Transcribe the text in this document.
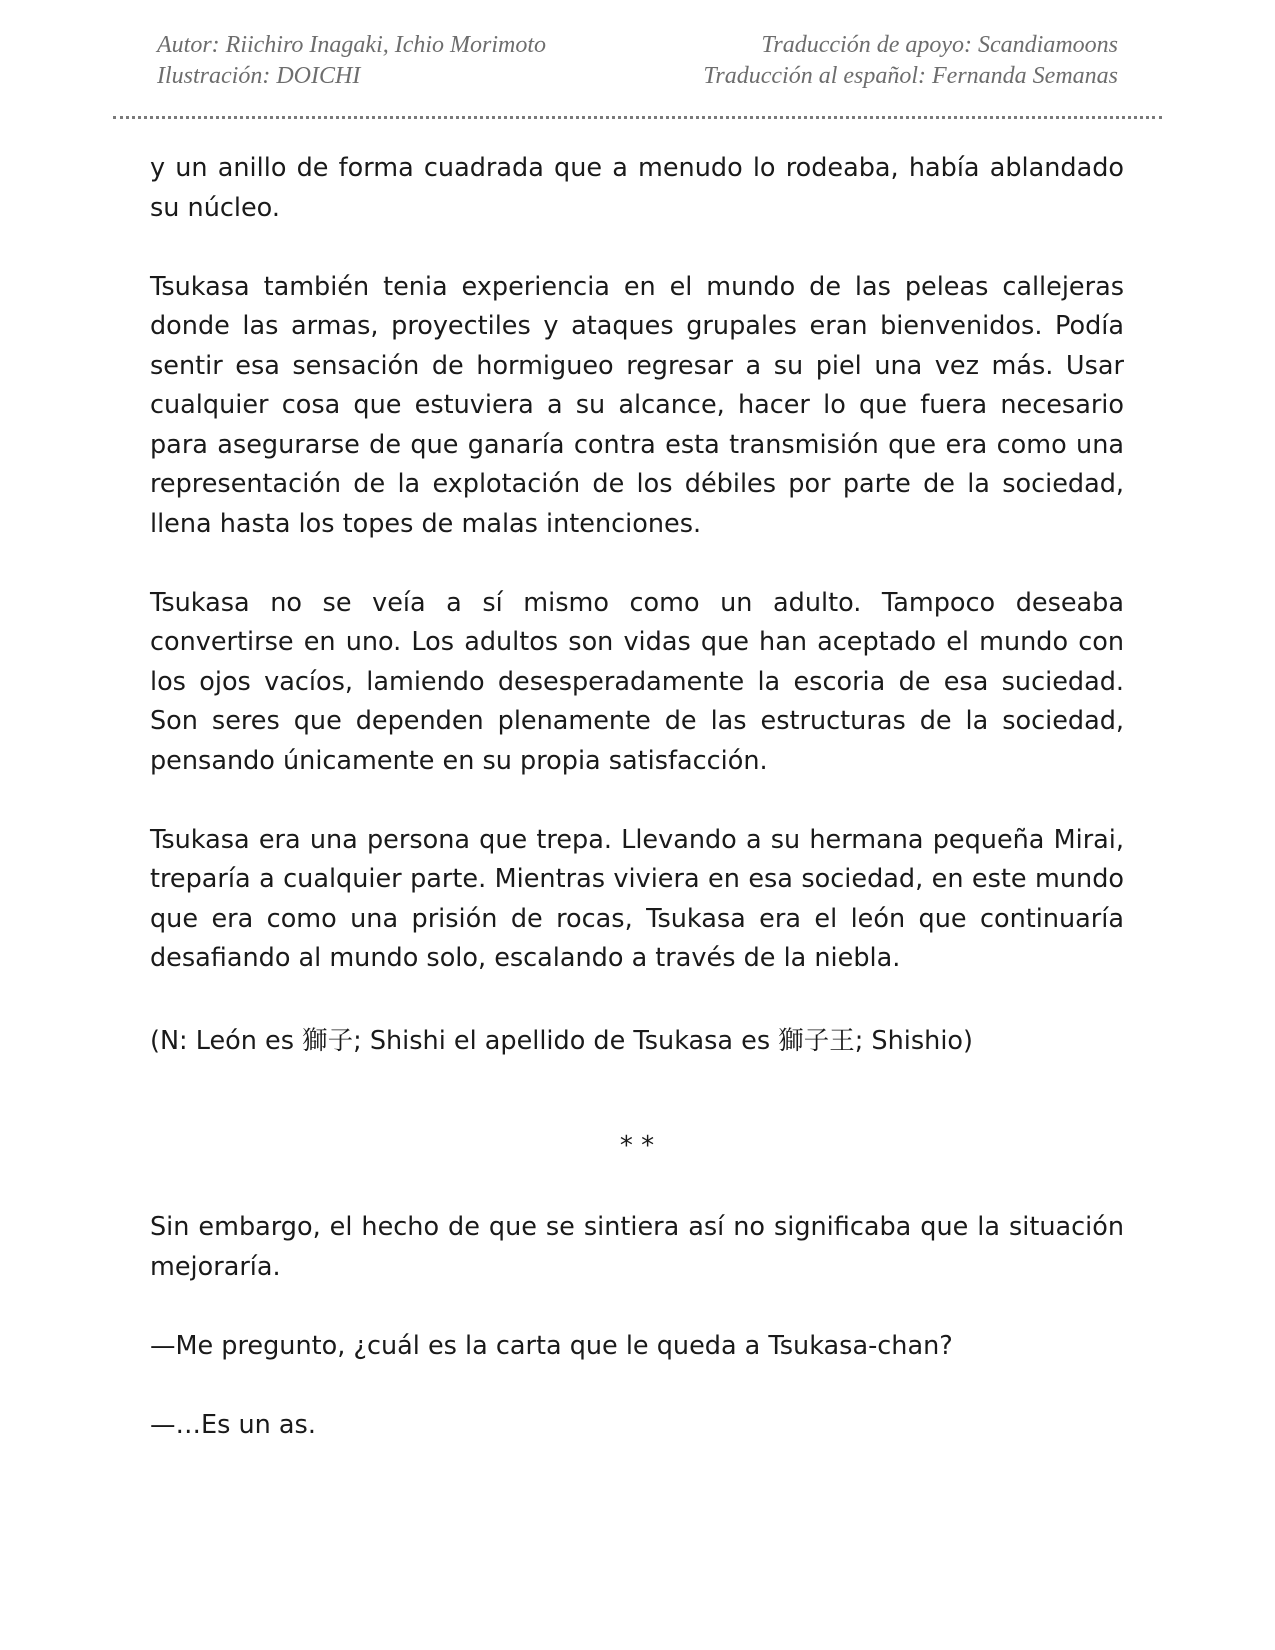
Autor: Riichiro Inagaki, Ichio Morimoto
Ilustración: DOICHI
Traducción de apoyo: Scandiamoons
Traducción al español: Fernanda Semanas

y un anillo de forma cuadrada que a menudo lo rodeaba, había ablandado su núcleo.

Tsukasa también tenia experiencia en el mundo de las peleas callejeras donde las armas, proyectiles y ataques grupales eran bienvenidos. Podía sentir esa sensación de hormigueo regresar a su piel una vez más. Usar cualquier cosa que estuviera a su alcance, hacer lo que fuera necesario para asegurarse de que ganaría contra esta transmisión que era como una representación de la explotación de los débiles por parte de la sociedad, llena hasta los topes de malas intenciones.

Tsukasa no se veía a sí mismo como un adulto. Tampoco deseaba convertirse en uno. Los adultos son vidas que han aceptado el mundo con los ojos vacíos, lamiendo desesperadamente la escoria de esa suciedad. Son seres que dependen plenamente de las estructuras de la sociedad, pensando únicamente en su propia satisfacción.

Tsukasa era una persona que trepa. Llevando a su hermana pequeña Mirai, treparía a cualquier parte. Mientras viviera en esa sociedad, en este mundo que era como una prisión de rocas, Tsukasa era el león que continuaría desafiando al mundo solo, escalando a través de la niebla.

(N: León es 獅子; Shishi el apellido de Tsukasa es 獅子王; Shishio)

* *

Sin embargo, el hecho de que se sintiera así no significaba que la situación mejoraría.

—Me pregunto, ¿cuál es la carta que le queda a Tsukasa-chan?

—…Es un as.
